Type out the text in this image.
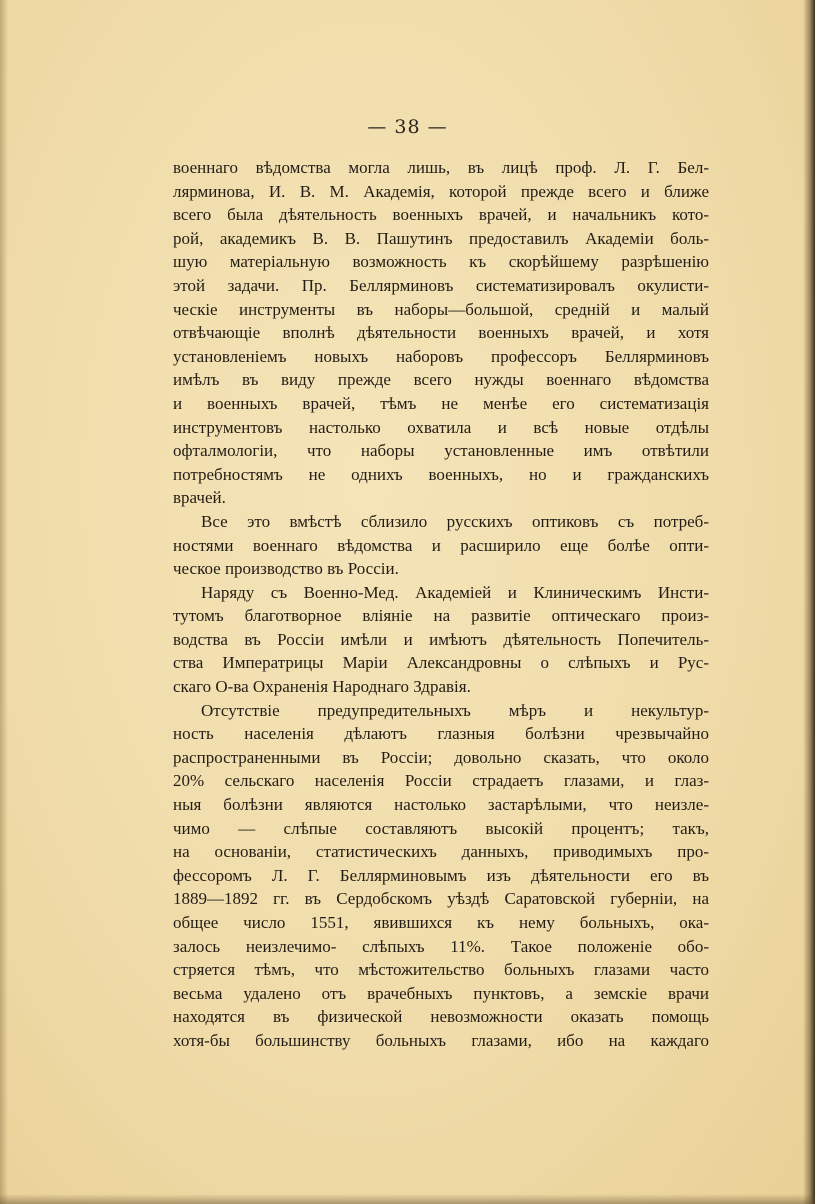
— 38 —
военнаго вѣдомства могла лишь, въ лицѣ проф. Л. Г. Бел-
лярминова, И. В. М. Академія, которой прежде всего и ближе
всего была дѣятельность военныхъ врачей, и начальникъ кото-
рой, академикъ В. В. Пашутинъ предоставилъ Академіи боль-
шую матеріальную возможность къ скорѣйшему разрѣшенію
этой задачи. Пр. Беллярминовъ систематизировалъ окулисти-
ческіе инструменты въ наборы—большой, средній и малый
отвѣчающіе вполнѣ дѣятельности военныхъ врачей, и хотя
установленіемъ новыхъ наборовъ профессоръ Беллярминовъ
имѣлъ въ виду прежде всего нужды военнаго вѣдомства
и военныхъ врачей, тѣмъ не менѣе его систематизація
инструментовъ настолько охватила и всѣ новые отдѣлы
офталмологіи, что наборы установленные имъ отвѣтили
потребностямъ не однихъ военныхъ, но и гражданскихъ
врачей.
Все это вмѣстѣ сблизило русскихъ оптиковъ съ потреб-
ностями военнаго вѣдомства и расширило еще болѣе опти-
ческое производство въ Россіи.
Наряду съ Военно-Мед. Академіей и Клиническимъ Инсти-
тутомъ благотворное вліяніе на развитіе оптическаго произ-
водства въ Россіи имѣли и имѣютъ дѣятельность Попечитель-
ства Императрицы Маріи Александровны о слѣпыхъ и Рус-
скаго О-ва Охраненія Народнаго Здравія.
Отсутствіе предупредительныхъ мѣръ и некультур-
ность населенія дѣлаютъ глазныя болѣзни чрезвычайно
распространенными въ Россіи; довольно сказать, что около
20% сельскаго населенія Россіи страдаетъ глазами, и глаз-
ныя болѣзни являются настолько застарѣлыми, что неизле-
чимо — слѣпые составляютъ высокій процентъ; такъ,
на основаніи, статистическихъ данныхъ, приводимыхъ про-
фессоромъ Л. Г. Беллярминовымъ изъ дѣятельности его въ
1889—1892 гг. въ Сердобскомъ уѣздѣ Саратовской губерніи, на
общее число 1551, явившихся къ нему больныхъ, ока-
залось неизлечимо- слѣпыхъ 11%. Такое положеніе обо-
стряется тѣмъ, что мѣстожительство больныхъ глазами часто
весьма удалено отъ врачебныхъ пунктовъ, а земскіе врачи
находятся въ физической невозможности оказать помощь
хотя-бы большинству больныхъ глазами, ибо на каждаго
